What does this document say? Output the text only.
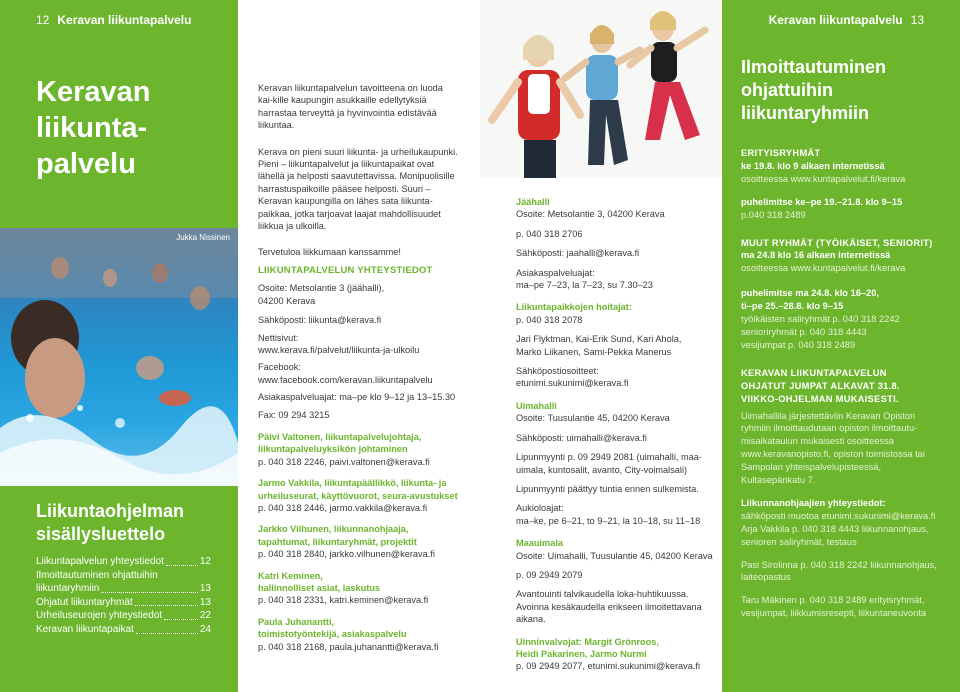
12 Keravan liikuntapalvelu
Keravan
liikunta-
palvelu
Jukka Nissinen
Liikuntaohjelman
sisällysluettelo
Liikuntapalvelun yhteystiedot	12
Ilmoittautuminen ohjattuihin
liikuntaryhmiin	13
Ohjatut liikuntaryhmät	13
Urheiluseurojen yhteystiedot	22
Keravan liikuntapaikat	24

Keravan liikuntapalvelun tavoitteena on luoda kai-kille kaupungin asukkaille edellytyksiä harrastaa terveyttä ja hyvinvointia edistävää liikuntaa.

Kerava on pieni suuri liikunta- ja urheilukaupunki. Pieni – liikuntapalvelut ja liikuntapaikat ovat lähellä ja helposti saavutettavissa. Monipuolisille harrastuspaikoille pääsee helposti. Suuri – Keravan kaupungilla on lähes sata liikunta-paikkaa, jotka tarjoavat laajat mahdollisuudet liikkua ja ulkoilla.

Tervetuloa liikkumaan kanssamme!

LIIKUNTAPALVELUN YHTEYSTIEDOT

Osoite: Metsolantie 3 (jäähalli),
04200 Kerava

Sähköposti: liikunta@kerava.fi

Nettisivut:
www.kerava.fi/palvelut/liikunta-ja-ulkoilu

Facebook:
www.facebook.com/keravan.liikuntapalvelu

Asiakaspalveluajat: ma–pe klo 9–12 ja 13–15.30

Fax: 09 294 3215

Päivi Valtonen, liikuntapalvelujohtaja,
liikuntapalveluyksikön johtaminen
p. 040 318 2246, paivi.valtonen@kerava.fi

Jarmo Vakkila, liikuntapäällikkö, liikunta- ja
urheiluseurat, käyttövuorot, seura-avustukset
p. 040 318 2446, jarmo.vakkila@kerava.fi

Jarkko Vilhunen, liikunnanohjaaja,
tapahtumat, liikuntaryhmät, projektit
p. 040 318 2840, jarkko.vilhunen@kerava.fi

Katri Keminen,
hallinnolliset asiat, laskutus
p. 040 318 2331, katri.keminen@kerava.fi

Paula Juhanantti,
toimistotyöntekijä, asiakaspalvelu
p. 040 318 2168, paula.juhanantti@kerava.fi

Jäähalli
Osoite: Metsolantie 3, 04200 Kerava

p. 040 318 2706

Sähköposti: jaahalli@kerava.fi

Asiakaspalveluajat:
ma–pe 7–23, la 7–23, su 7.30–23

Liikuntapaikkojen hoitajat:
p. 040 318 2078

Jari Flyktman, Kai-Erik Sund, Kari Ahola,
Marko Liikanen, Sami-Pekka Manerus

Sähköpostiosoitteet:
etunimi.sukunimi@kerava.fi

Uimahalli
Osoite: Tuusulantie 45, 04200 Kerava

Sähköposti: uimahalli@kerava.fi

Lipunmyynti p. 09 2949 2081 (uimahalli, maa-
uimala, kuntosalit, avanto, City-voimalsali)

Lipunmyynti päättyy tuntia ennen sulkemista.

Aukioloajat:
ma–ke, pe 6–21, to 9–21, la 10–18, su 11–18

Maauimala
Osoite: Uimahalli, Tuusulantie 45, 04200 Kerava

p. 09 2949 2079

Avantouinti talvikaudella loka-huhtikuussa.
Avoinna kesäkaudella erikseen ilmoitettavana
aikana.

Uinninvalvojat: Margit Grönroos,
Heidi Pakarinen, Jarmo Nurmi
p. 09 2949 2077, etunimi.sukunimi@kerava.fi

Keravan liikuntapalvelu 13
Ilmoittautuminen
ohjattuihin
liikuntaryhmiin

ERITYISRYHMÄT
ke 19.8. klo 9 alkaen internetissä
osoitteessa www.kuntapalvelut.fi/kerava

puhelimitse ke–pe 19.–21.8. klo 9–15
p.040 318 2489

MUUT RYHMÄT (TYÖIKÄISET, SENIORIT)
ma 24.8 klo 16 alkaen internetissä
osoitteessa www.kuntapalvelut.fi/kerava

puhelimitse ma 24.8. klo 16–20,
ti–pe 25.–28.8. klo 9–15
työikäisten saliryhmät p. 040 318 2242
senioriryhmät p. 040 318 4443
vesijumpat p. 040 318 2489

KERAVAN LIIKUNTAPALVELUN
OHJATUT JUMPAT ALKAVAT 31.8.
VIIKKO-OHJELMAN MUKAISESTI.

Uimahallila järjestettäviin Keravan Opiston ryhmiin ilmoittaudutaan opiston ilmoittautu-misaikataulun mukaisesti osoitteessa www.keravanopisto.fi, opiston toimistossa tai Sampolan yhteispalvelupisteessä, Kultasepänkatu 7.

Liikunnanohjaajien yhteystiedot:
sähköposti muotoa etunimi.sukunimi@kerava.fi
Arja Vakkila p. 040 318 4443 liikunnanohjaus,
senioren saliryhmät, testaus

Pasi Sirolinna p. 040 318 2242 liikunnanohjaus,
laiteopastus

Taru Mäkinen p. 040 318 2489 erityisryhmät,
vesijumpat, liikkumisresepti, liikuntaneuvonta
